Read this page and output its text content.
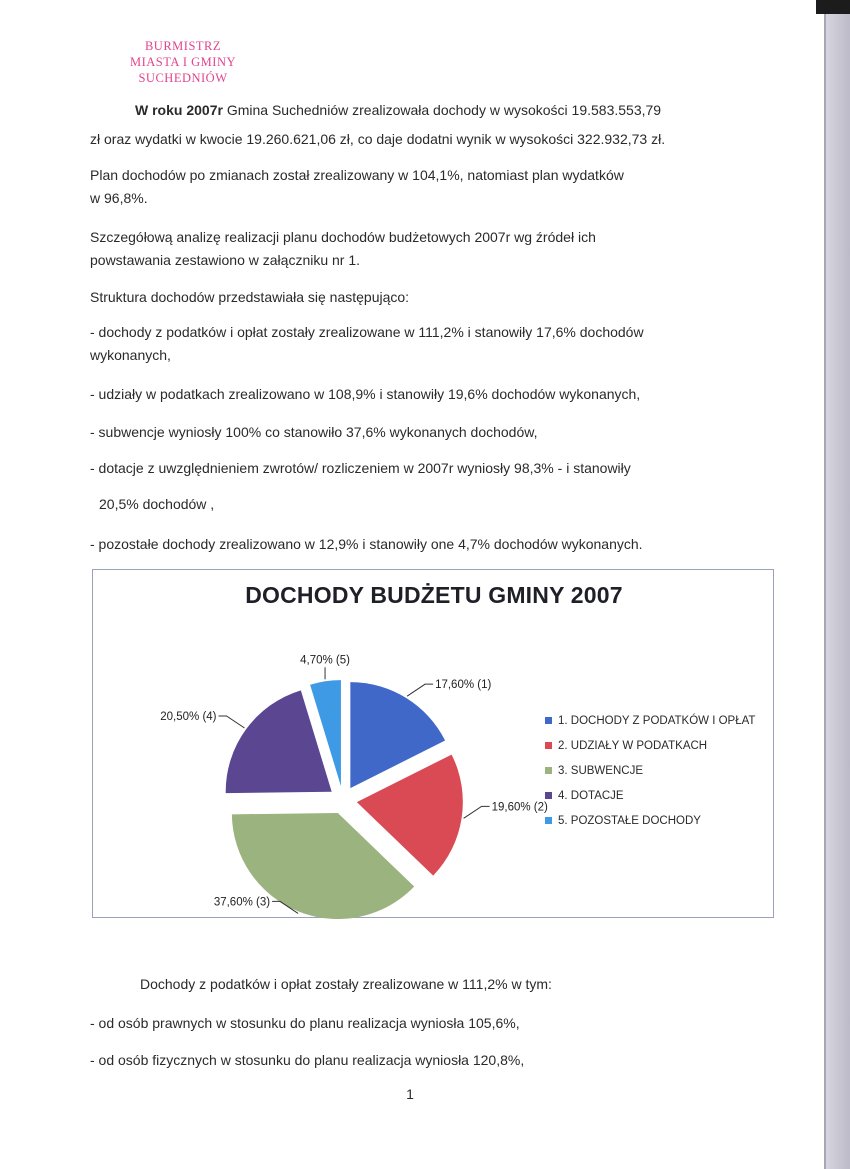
BURMISTRZ
MIASTA I GMINY
SUCHEDNIÓW

W roku 2007r Gmina Suchedniów zrealizowała dochody w wysokości 19.583.553,79

zł oraz wydatki w kwocie 19.260.621,06 zł, co daje dodatni wynik w wysokości 322.932,73 zł.

Plan dochodów po zmianach został zrealizowany w 104,1%, natomiast plan wydatków

w 96,8%.

Szczegółową analizę realizacji planu dochodów budżetowych 2007r wg źródeł ich

powstawania zestawiono w załączniku nr 1.

Struktura dochodów przedstawiała się następująco:

- dochody z podatków i opłat zostały zrealizowane w 111,2% i stanowiły 17,6% dochodów

wykonanych,

- udziały w podatkach zrealizowano w 108,9% i stanowiły 19,6% dochodów wykonanych,

- subwencje wyniosły 100% co stanowiło 37,6% wykonanych dochodów,

- dotacje z uwzględnieniem zwrotów/ rozliczeniem w 2007r wyniosły 98,3% - i stanowiły

20,5% dochodów ,

- pozostałe dochody zrealizowano w 12,9% i stanowiły one 4,7% dochodów wykonanych.

DOCHODY BUDŻETU GMINY 2007
17,60% (1)
19,60% (2)
37,60% (3)
20,50% (4)
4,70% (5)
1. DOCHODY Z PODATKÓW I OPŁAT
2. UDZIAŁY W PODATKACH
3. SUBWENCJE
4. DOTACJE
5. POZOSTAŁE DOCHODY

Dochody z podatków i opłat zostały zrealizowane w 111,2% w tym:

- od osób prawnych w stosunku do planu realizacja wyniosła 105,6%,

- od osób fizycznych w stosunku do planu realizacja wyniosła 120,8%,

1
